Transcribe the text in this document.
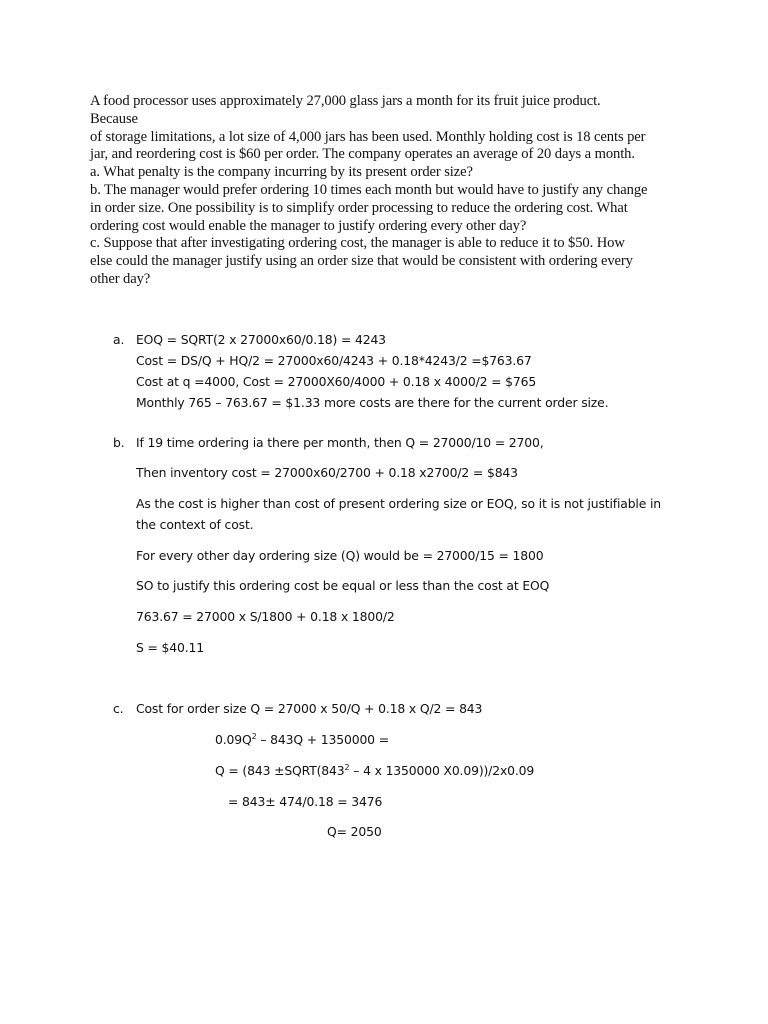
A food processor uses approximately 27,000 glass jars a month for its fruit juice product.

Because

of storage limitations, a lot size of 4,000 jars has been used. Monthly holding cost is 18 cents per

jar, and reordering cost is $60 per order. The company operates an average of 20 days a month.

a. What penalty is the company incurring by its present order size?

b. The manager would prefer ordering 10 times each month but would have to justify any change

in order size. One possibility is to simplify order processing to reduce the ordering cost. What

ordering cost would enable the manager to justify ordering every other day?

c. Suppose that after investigating ordering cost, the manager is able to reduce it to $50. How

else could the manager justify using an order size that would be consistent with ordering every

other day?

a. EOQ = SQRT(2 x 27000x60/0.18) = 4243

Cost = DS/Q + HQ/2 = 27000x60/4243 + 0.18*4243/2 =$763.67

Cost at q =4000, Cost = 27000X60/4000 + 0.18 x 4000/2 = $765

Monthly 765 – 763.67 = $1.33 more costs are there for the current order size.

b. If 19 time ordering ia there per month, then Q = 27000/10 = 2700,

Then inventory cost = 27000x60/2700 + 0.18 x2700/2 = $843

As the cost is higher than cost of present ordering size or EOQ, so it is not justifiable in

the context of cost.

For every other day ordering size (Q) would be = 27000/15 = 1800

SO to justify this ordering cost be equal or less than the cost at EOQ

763.67 = 27000 x S/1800 + 0.18 x 1800/2

S = $40.11

c. Cost for order size Q = 27000 x 50/Q + 0.18 x Q/2 = 843

$0.09Q^2 - 843Q + 1350000$ =

$Q = (843 \pm SQRT(843^2 - 4$ x 1350000 X0.09))/2x0.09

= 843± 474/0.18 = 3476

Q= 2050
